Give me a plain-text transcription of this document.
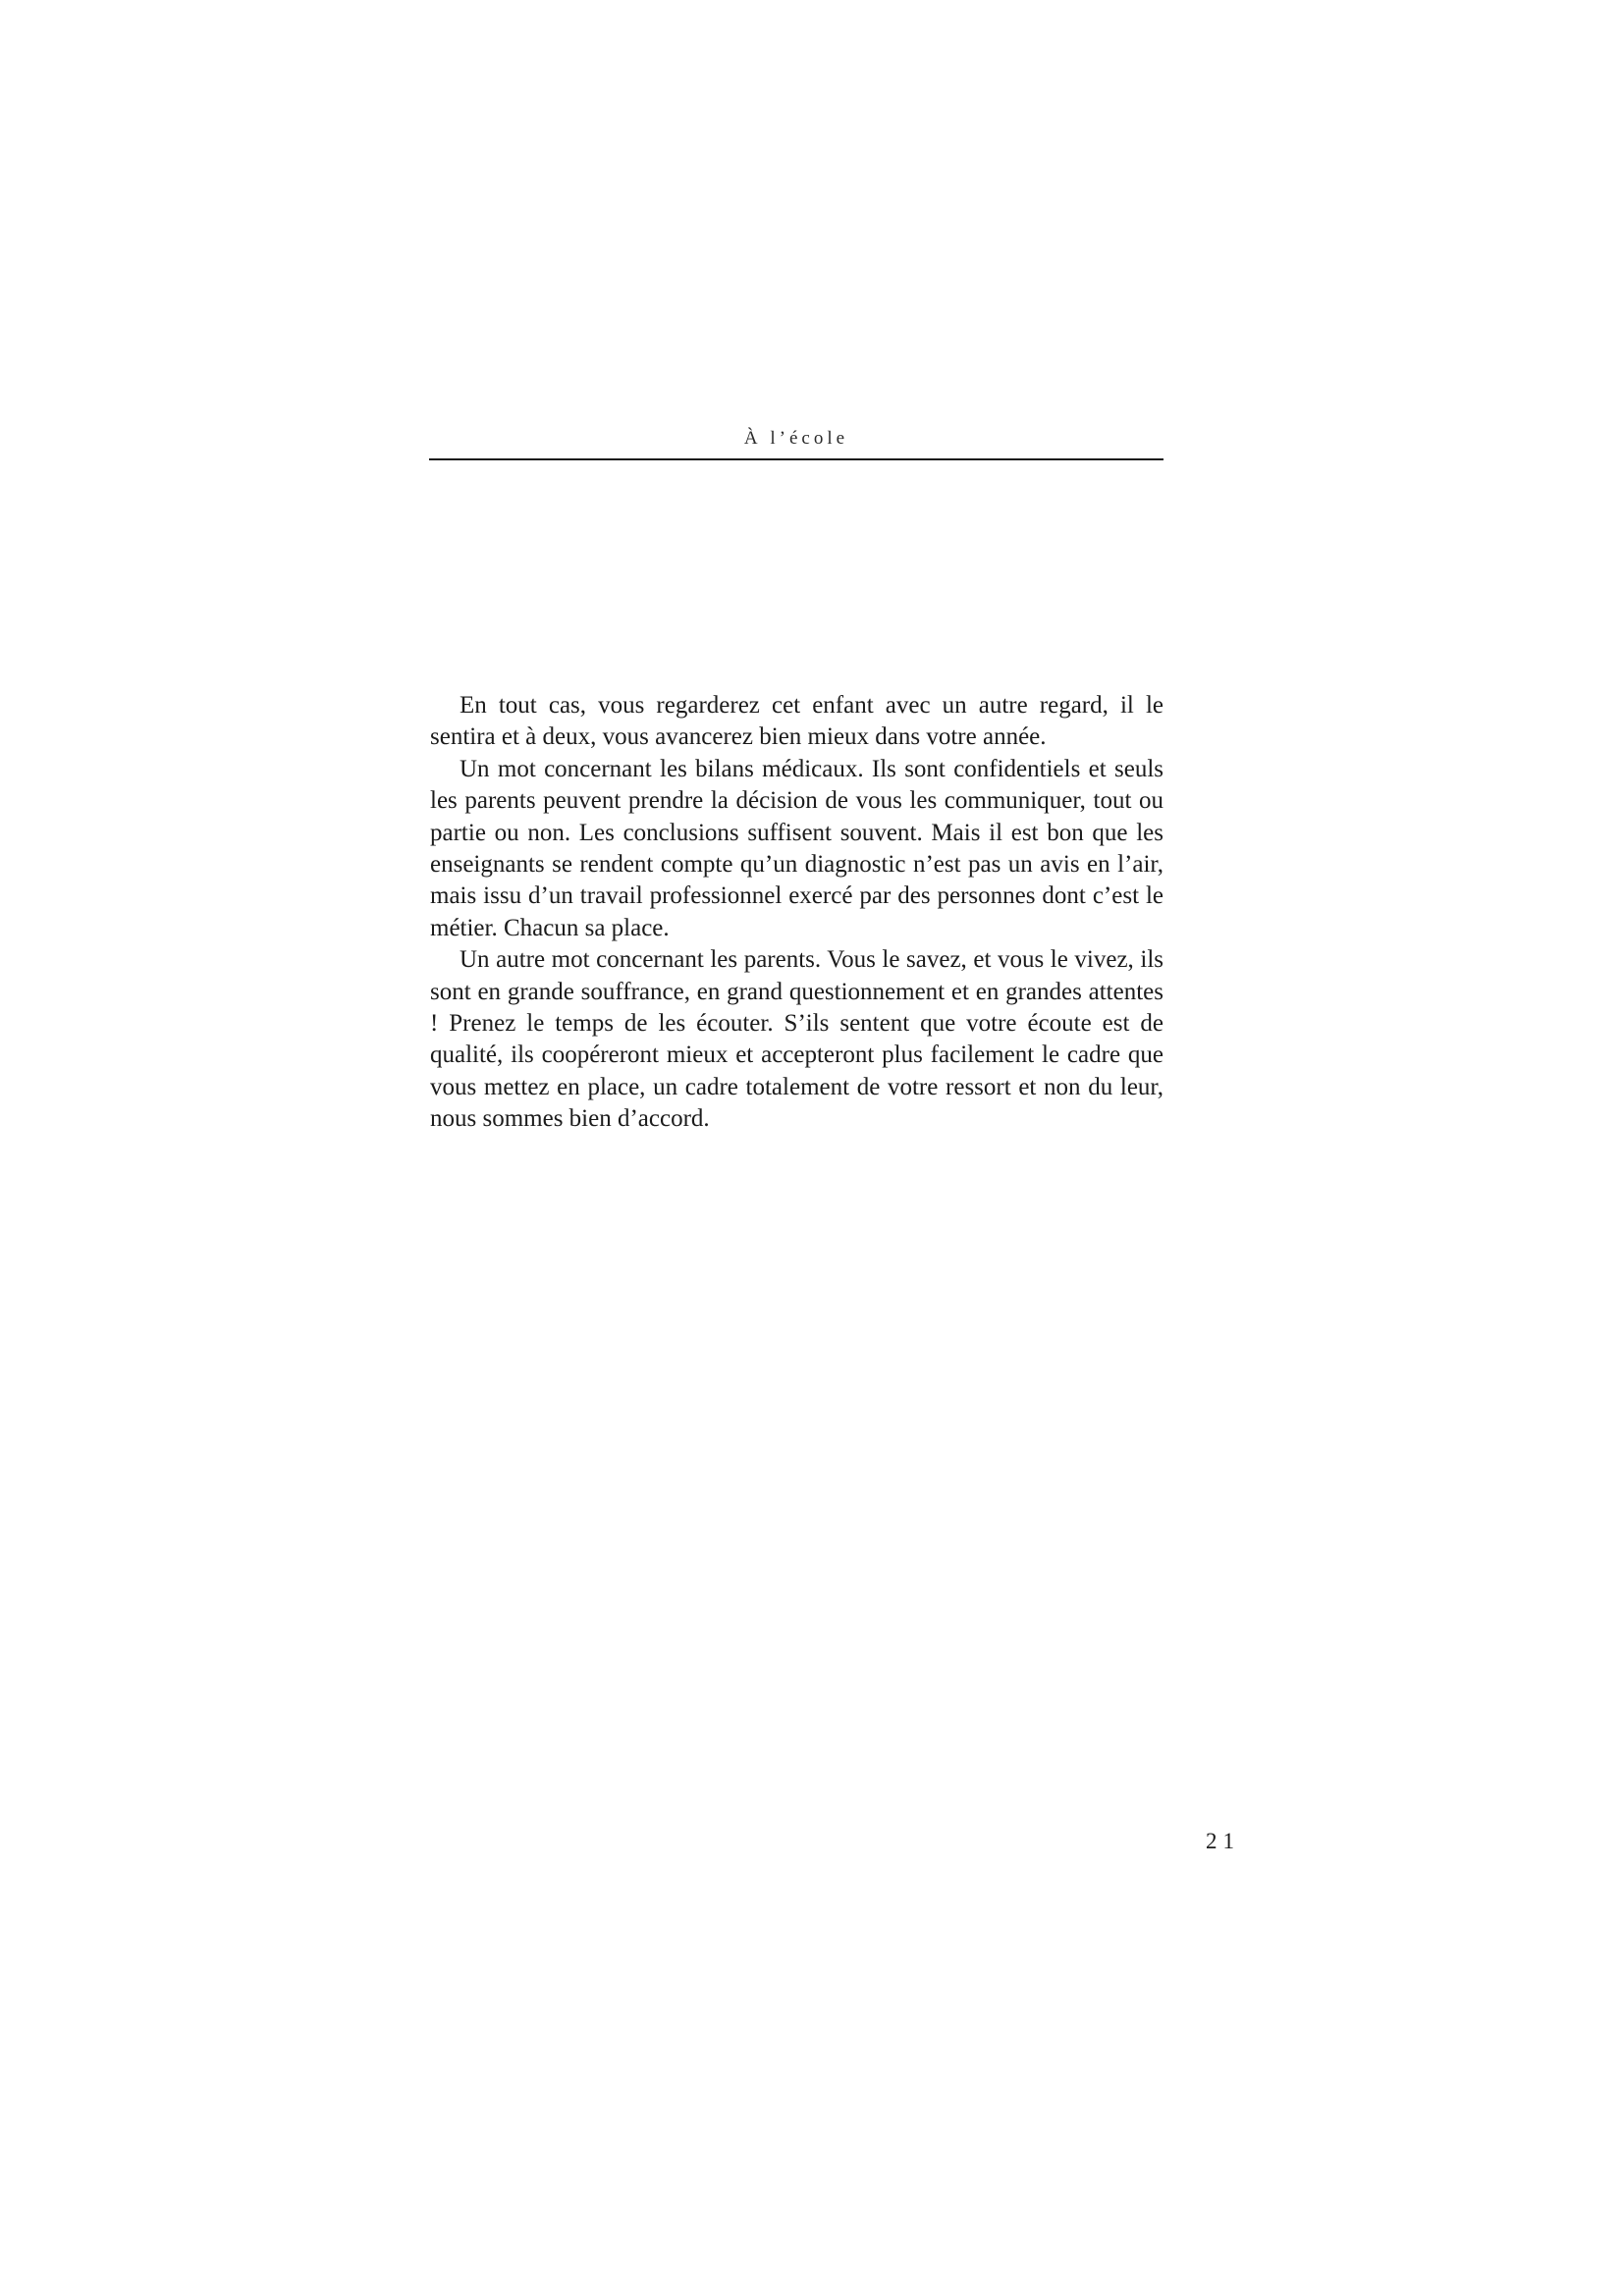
À l’école

En tout cas, vous regarderez cet enfant avec un autre regard, il le sentira et à deux, vous avancerez bien mieux dans votre année.

Un mot concernant les bilans médicaux. Ils sont confidentiels et seuls les parents peuvent prendre la décision de vous les communiquer, tout ou partie ou non. Les conclusions suffisent souvent. Mais il est bon que les enseignants se rendent compte qu’un diagnostic n’est pas un avis en l’air, mais issu d’un travail professionnel exercé par des personnes dont c’est le métier. Chacun sa place.

Un autre mot concernant les parents. Vous le savez, et vous le vivez, ils sont en grande souffrance, en grand questionnement et en grandes attentes ! Prenez le temps de les écouter. S’ils sentent que votre écoute est de qualité, ils coopéreront mieux et accepteront plus facilement le cadre que vous mettez en place, un cadre totalement de votre ressort et non du leur, nous sommes bien d’accord.

21
